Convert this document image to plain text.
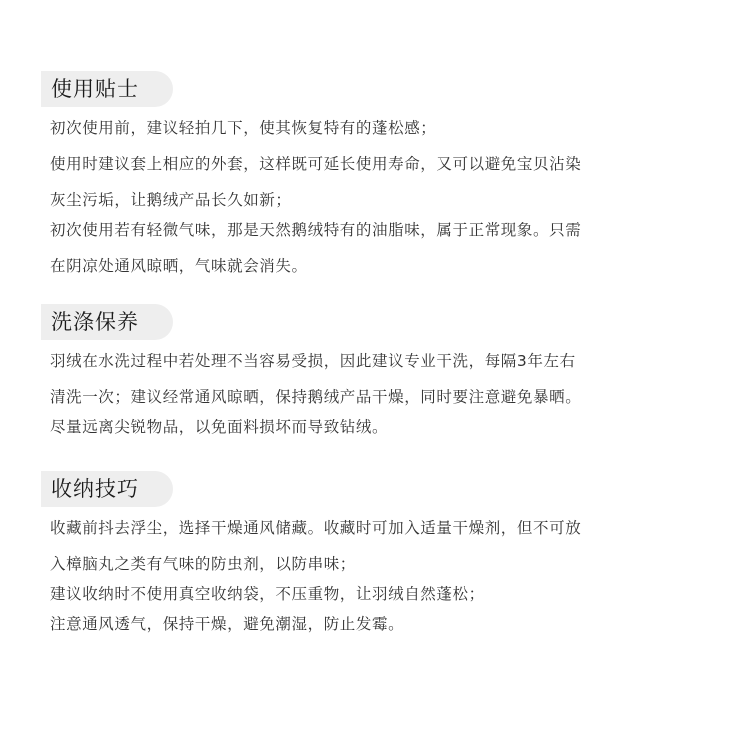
使用贴士
初次使用前，建议轻拍几下，使其恢复特有的蓬松感；
使用时建议套上相应的外套，这样既可延长使用寿命，又可以避免宝贝沾染
灰尘污垢，让鹅绒产品长久如新；
初次使用若有轻微气味，那是天然鹅绒特有的油脂味，属于正常现象。只需
在阴凉处通风晾晒，气味就会消失。
洗涤保养
羽绒在水洗过程中若处理不当容易受损，因此建议专业干洗，每隔3年左右
清洗一次；建议经常通风晾晒，保持鹅绒产品干燥，同时要注意避免暴晒。
尽量远离尖锐物品，以免面料损坏而导致钻绒。
收纳技巧
收藏前抖去浮尘，选择干燥通风储藏。收藏时可加入适量干燥剂，但不可放
入樟脑丸之类有气味的防虫剂，以防串味；
建议收纳时不使用真空收纳袋，不压重物，让羽绒自然蓬松；
注意通风透气，保持干燥，避免潮湿，防止发霉。
